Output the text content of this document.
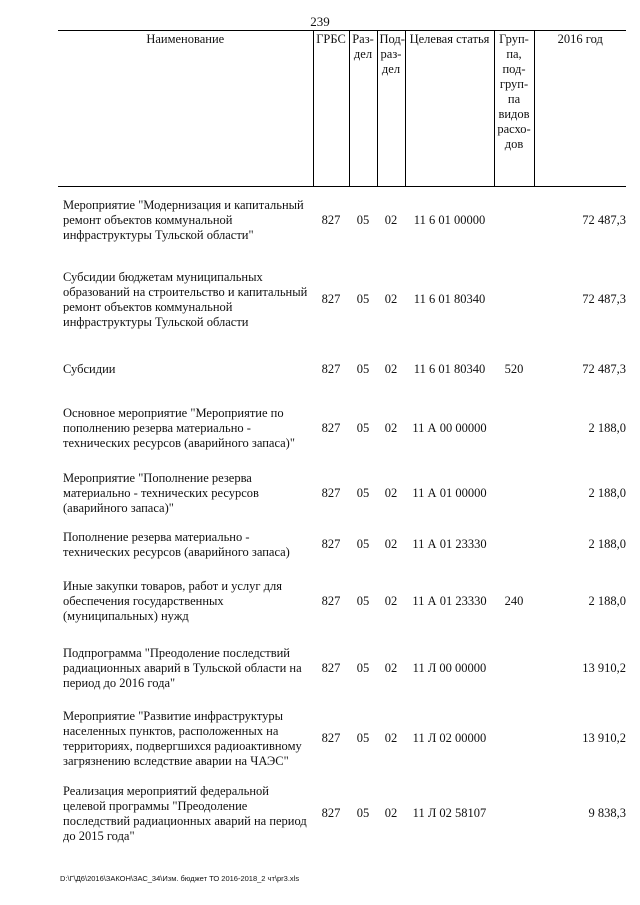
239
Наименование	ГРБС	Раз- дел	Под- раз- дел	Целевая статья	Груп- па, под- груп- па видов расхо- дов	2016 год
Мероприятие "Модернизация и капитальный ремонт объектов коммунальной инфраструктуры Тульской области"	827	05	02	11 6 01 00000		72 487,3
Субсидии бюджетам муниципальных образований на строительство и капитальный ремонт объектов коммунальной инфраструктуры Тульской области	827	05	02	11 6 01 80340		72 487,3
Субсидии	827	05	02	11 6 01 80340	520	72 487,3
Основное мероприятие "Мероприятие по пополнению резерва материально - технических ресурсов (аварийного запаса)"	827	05	02	11 А 00 00000		2 188,0
Мероприятие "Пополнение резерва материально - технических ресурсов (аварийного запаса)"	827	05	02	11 А 01 00000		2 188,0
Пополнение резерва материально - технических ресурсов (аварийного запаса)	827	05	02	11 А 01 23330		2 188,0
Иные закупки товаров, работ и услуг для обеспечения государственных (муниципальных) нужд	827	05	02	11 А 01 23330	240	2 188,0
Подпрограмма "Преодоление последствий радиационных аварий в Тульской области на период до 2016 года"	827	05	02	11 Л 00 00000		13 910,2
Мероприятие "Развитие инфраструктуры населенных пунктов, расположенных на территориях, подвергшихся радиоактивному загрязнению вследствие аварии на ЧАЭС"	827	05	02	11 Л 02 00000		13 910,2
Реализация мероприятий федеральной целевой программы "Преодоление последствий радиационных аварий на период до 2015 года"	827	05	02	11 Л 02 58107		9 838,3
D:\Г\Д6\2016\ЗАКОН\ЗАС_34\Изм. бюджет ТО 2016-2018_2 чт\pr3.xls
